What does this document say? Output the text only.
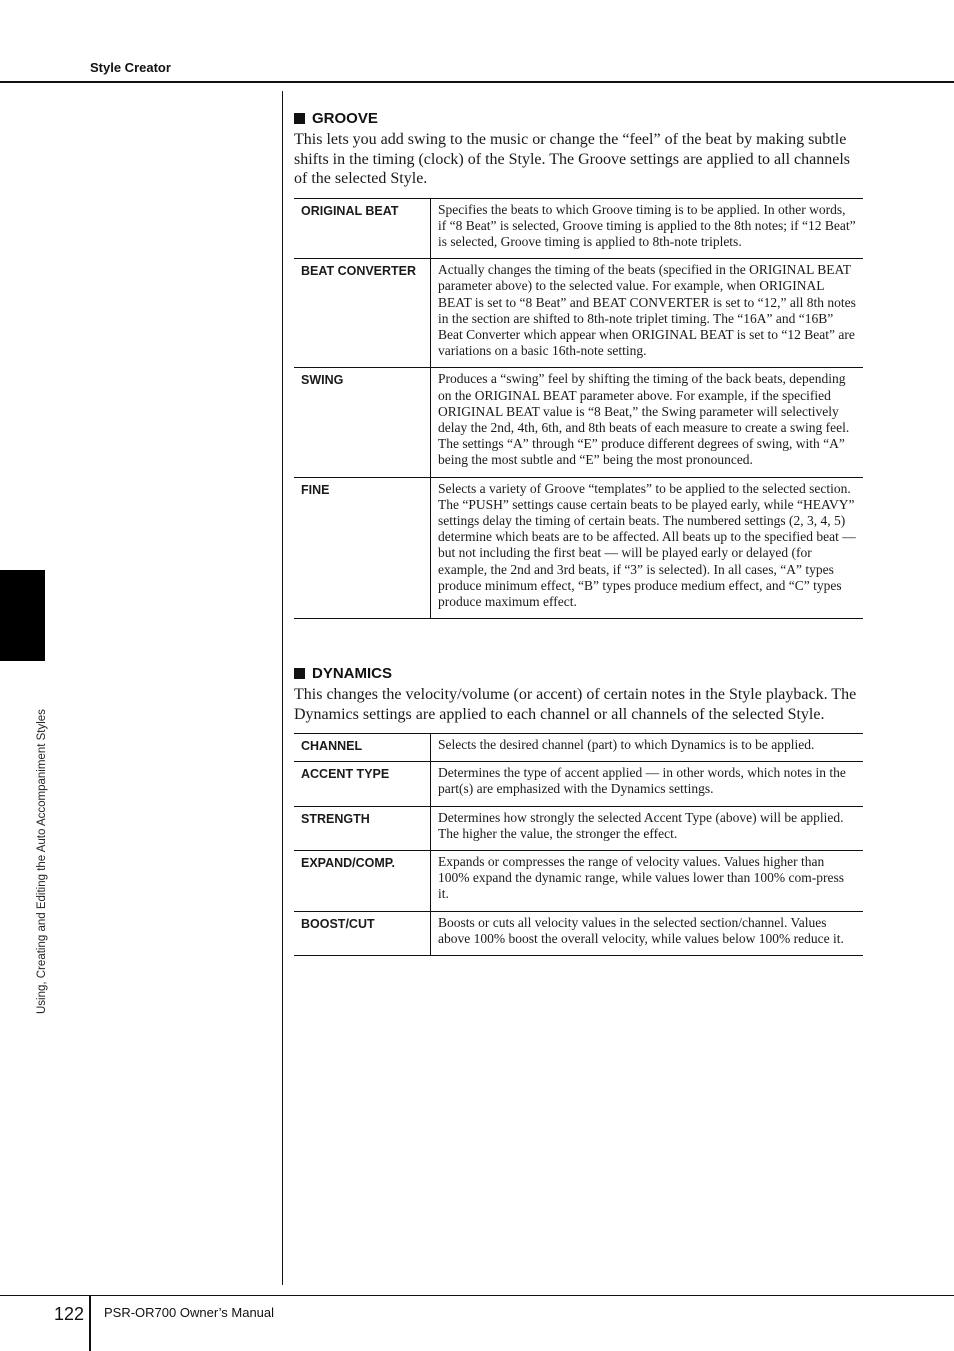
Style Creator
Using, Creating and Editing the Auto Accompaniment Styles
GROOVE

This lets you add swing to the music or change the “feel” of the beat by making subtle shifts in the timing (clock) of the Style. The Groove settings are applied to all channels of the selected Style.

ORIGINAL BEAT	Specifies the beats to which Groove timing is to be applied. In other words, if “8 Beat” is selected, Groove timing is applied to the 8th notes; if “12 Beat” is selected, Groove timing is applied to 8th-note triplets.
BEAT CONVERTER	Actually changes the timing of the beats (specified in the ORIGINAL BEAT parameter above) to the selected value. For example, when ORIGINAL BEAT is set to “8 Beat” and BEAT CONVERTER is set to “12,” all 8th notes in the section are shifted to 8th-note triplet timing. The “16A” and “16B” Beat Converter which appear when ORIGINAL BEAT is set to “12 Beat” are variations on a basic 16th-note setting.
SWING	Produces a “swing” feel by shifting the timing of the back beats, depending on the ORIGINAL BEAT parameter above. For example, if the specified ORIGINAL BEAT value is “8 Beat,” the Swing parameter will selectively delay the 2nd, 4th, 6th, and 8th beats of each measure to create a swing feel. The settings “A” through “E” produce different degrees of swing, with “A” being the most subtle and “E” being the most pronounced.
FINE	Selects a variety of Groove “templates” to be applied to the selected section. The “PUSH” settings cause certain beats to be played early, while “HEAVY” settings delay the timing of certain beats. The numbered settings (2, 3, 4, 5) determine which beats are to be affected. All beats up to the specified beat — but not including the first beat — will be played early or delayed (for example, the 2nd and 3rd beats, if “3” is selected). In all cases, “A” types produce minimum effect, “B” types produce medium effect, and “C” types produce maximum effect.
DYNAMICS

This changes the velocity/volume (or accent) of certain notes in the Style playback. The Dynamics settings are applied to each channel or all channels of the selected Style.

CHANNEL	Selects the desired channel (part) to which Dynamics is to be applied.
ACCENT TYPE	Determines the type of accent applied — in other words, which notes in the part(s) are emphasized with the Dynamics settings.
STRENGTH	Determines how strongly the selected Accent Type (above) will be applied. The higher the value, the stronger the effect.
EXPAND/COMP.	Expands or compresses the range of velocity values. Values higher than 100% expand the dynamic range, while values lower than 100% com-press it.
BOOST/CUT	Boosts or cuts all velocity values in the selected section/channel. Values above 100% boost the overall velocity, while values below 100% reduce it.
122 PSR-OR700 Owner’s Manual
